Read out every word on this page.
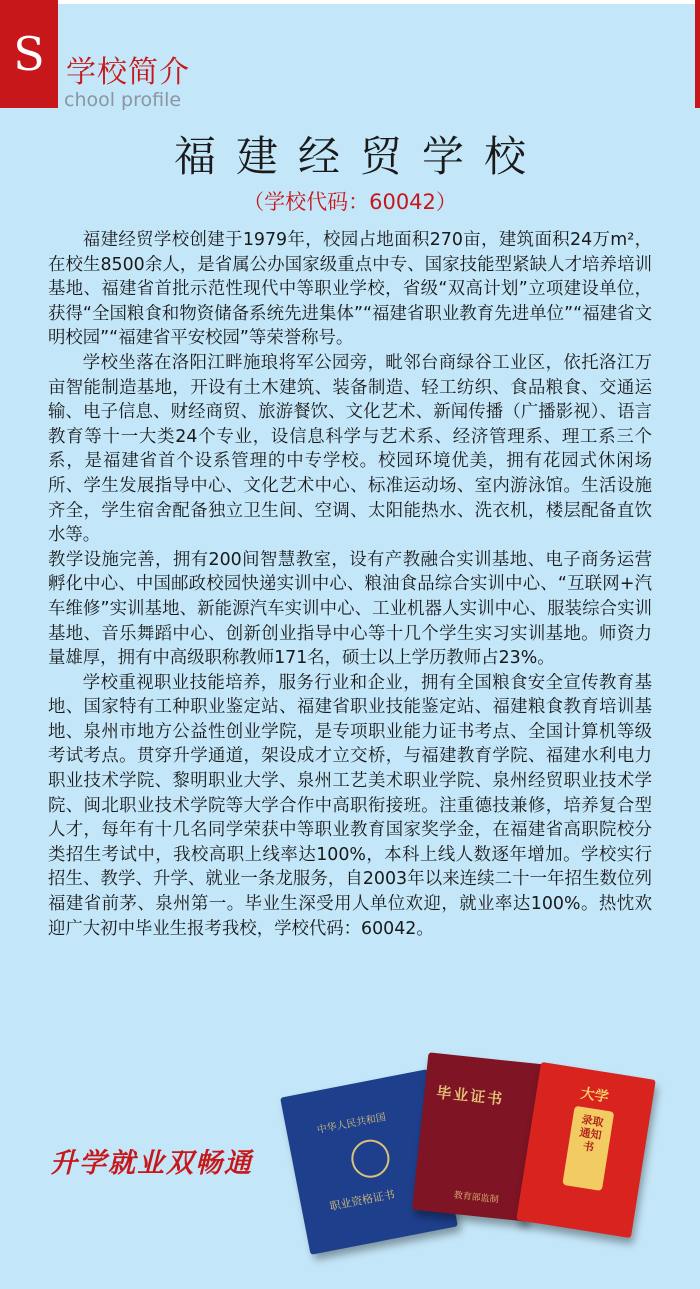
S 学校简介
chool profile
福建经贸学校
（学校代码：60042）

福建经贸学校创建于1979年，校园占地面积270亩，建筑面积24万m²，在校生8500余人，是省属公办国家级重点中专、国家技能型紧缺人才培养培训基地、福建省首批示范性现代中等职业学校，省级“双高计划”立项建设单位，获得“全国粮食和物资储备系统先进集体”“福建省职业教育先进单位”“福建省文明校园”“福建省平安校园”等荣誉称号。

学校坐落在洛阳江畔施琅将军公园旁，毗邻台商绿谷工业区，依托洛江万亩智能制造基地，开设有土木建筑、装备制造、轻工纺织、食品粮食、交通运输、电子信息、财经商贸、旅游餐饮、文化艺术、新闻传播（广播影视）、语言教育等十一大类24个专业，设信息科学与艺术系、经济管理系、理工系三个系，是福建省首个设系管理的中专学校。校园环境优美，拥有花园式休闲场所、学生发展指导中心、文化艺术中心、标准运动场、室内游泳馆。生活设施齐全，学生宿舍配备独立卫生间、空调、太阳能热水、洗衣机，楼层配备直饮水等。

教学设施完善，拥有200间智慧教室，设有产教融合实训基地、电子商务运营孵化中心、中国邮政校园快递实训中心、粮油食品综合实训中心、“互联网+汽车维修”实训基地、新能源汽车实训中心、工业机器人实训中心、服装综合实训基地、音乐舞蹈中心、创新创业指导中心等十几个学生实习实训基地。师资力量雄厚，拥有中高级职称教师171名，硕士以上学历教师占23%。

学校重视职业技能培养，服务行业和企业，拥有全国粮食安全宣传教育基地、国家特有工种职业鉴定站、福建省职业技能鉴定站、福建粮食教育培训基地、泉州市地方公益性创业学院，是专项职业能力证书考点、全国计算机等级考试考点。贯穿升学通道，架设成才立交桥，与福建教育学院、福建水利电力职业技术学院、黎明职业大学、泉州工艺美术职业学院、泉州经贸职业技术学院、闽北职业技术学院等大学合作中高职衔接班。注重德技兼修，培养复合型人才，每年有十几名同学荣获中等职业教育国家奖学金，在福建省高职院校分类招生考试中，我校高职上线率达100%，本科上线人数逐年增加。学校实行招生、教学、升学、就业一条龙服务，自2003年以来连续二十一年招生数位列福建省前茅、泉州第一。毕业生深受用人单位欢迎，就业率达100%。热忱欢迎广大初中毕业生报考我校，学校代码：60042。

升学就业双畅通
中华人民共和国
职业资格证书
毕业证书
教育部监制
大学
录取通知书
